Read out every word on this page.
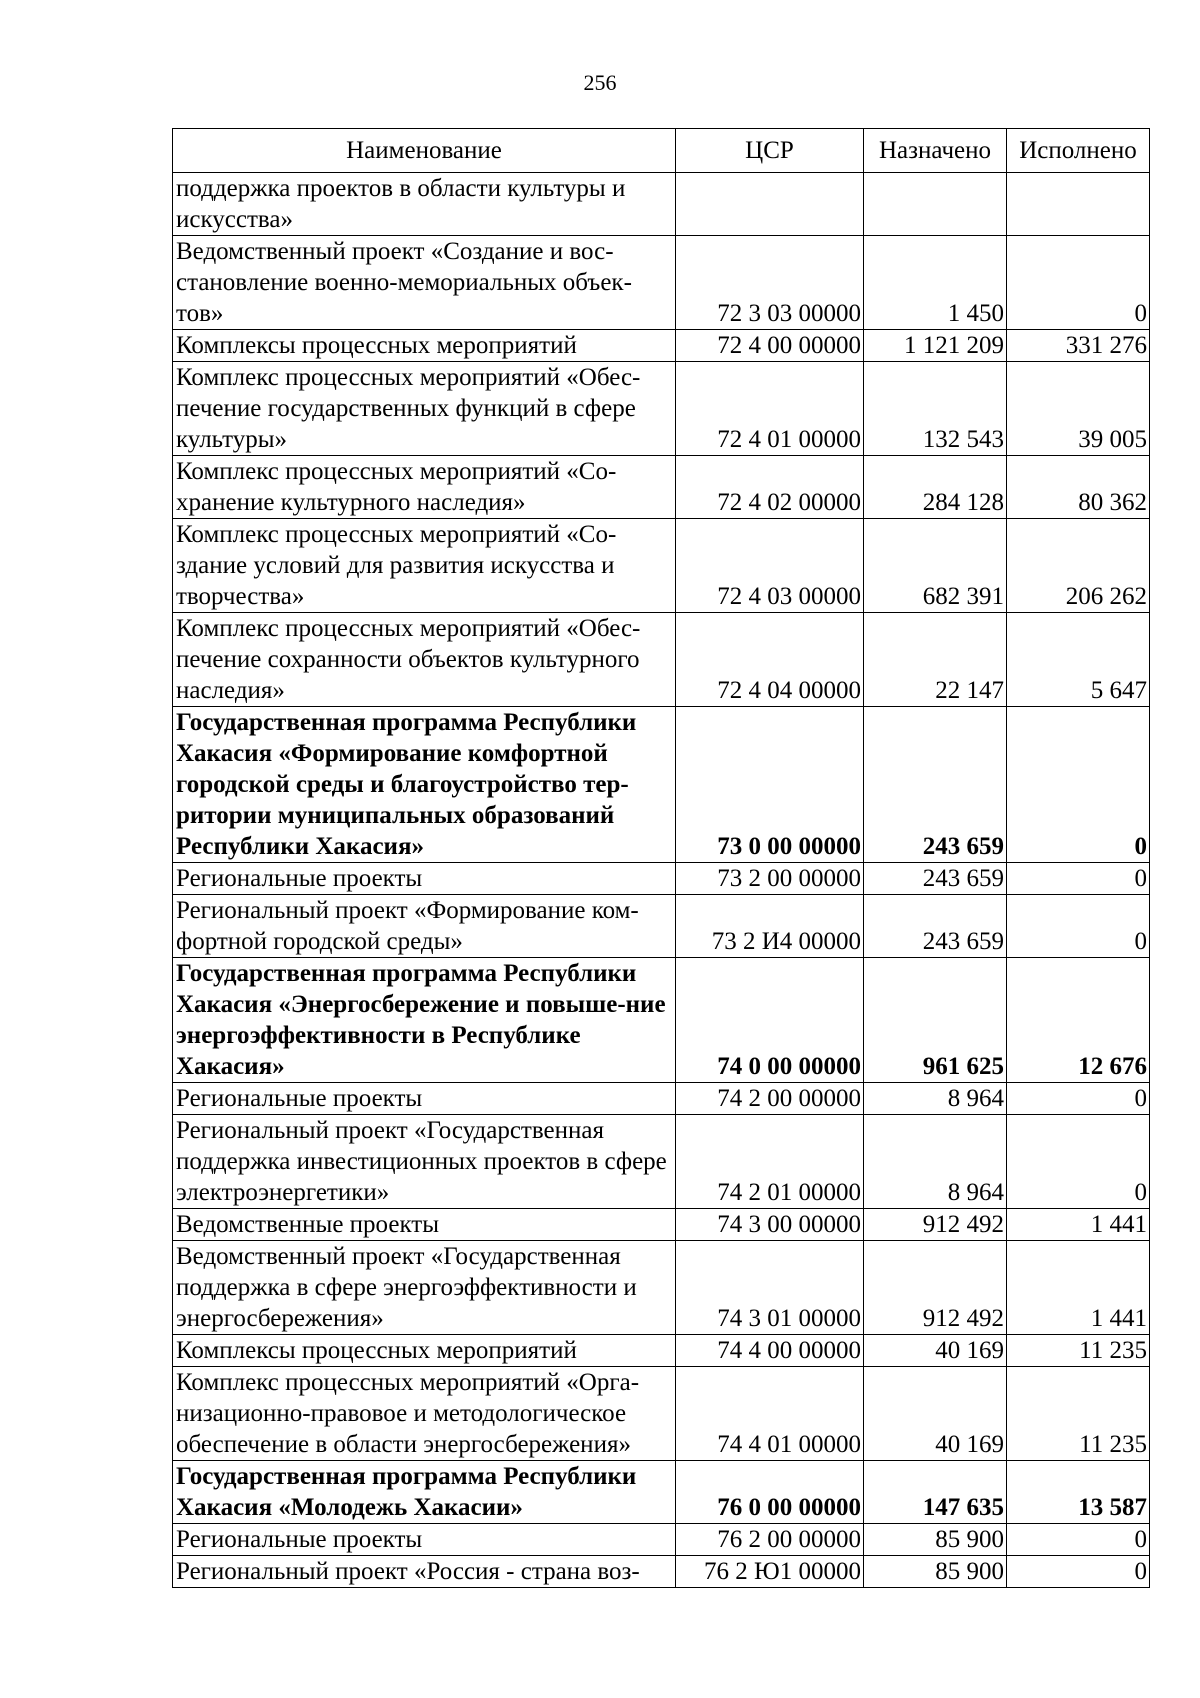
256
Наименование	ЦСР	Назначено	Исполнено
поддержка проектов в области культуры и искусства»			
Ведомственный проект «Создание и вос-становление военно-мемориальных объек-тов»	72 3 03 00000	1 450	0
Комплексы процессных мероприятий	72 4 00 00000	1 121 209	331 276
Комплекс процессных мероприятий «Обес-печение государственных функций в сфере культуры»	72 4 01 00000	132 543	39 005
Комплекс процессных мероприятий «Со-хранение культурного наследия»	72 4 02 00000	284 128	80 362
Комплекс процессных мероприятий «Со-здание условий для развития искусства и творчества»	72 4 03 00000	682 391	206 262
Комплекс процессных мероприятий «Обес-печение сохранности объектов культурного наследия»	72 4 04 00000	22 147	5 647
Государственная программа Республики Хакасия «Формирование комфортной городской среды и благоустройство тер-ритории муниципальных образований Республики Хакасия»	73 0 00 00000	243 659	0
Региональные проекты	73 2 00 00000	243 659	0
Региональный проект «Формирование ком-фортной городской среды»	73 2 И4 00000	243 659	0
Государственная программа Республики Хакасия «Энергосбережение и повыше-ние энергоэффективности в Республике Хакасия»	74 0 00 00000	961 625	12 676
Региональные проекты	74 2 00 00000	8 964	0
Региональный проект «Государственная поддержка инвестиционных проектов в сфере электроэнергетики»	74 2 01 00000	8 964	0
Ведомственные проекты	74 3 00 00000	912 492	1 441
Ведомственный проект «Государственная поддержка в сфере энергоэффективности и энергосбережения»	74 3 01 00000	912 492	1 441
Комплексы процессных мероприятий	74 4 00 00000	40 169	11 235
Комплекс процессных мероприятий «Орга-низационно-правовое и методологическое обеспечение в области энергосбережения»	74 4 01 00000	40 169	11 235
Государственная программа Республики Хакасия «Молодежь Хакасии»	76 0 00 00000	147 635	13 587
Региональные проекты	76 2 00 00000	85 900	0
Региональный проект «Россия - страна воз-	76 2 Ю1 00000	85 900	0
